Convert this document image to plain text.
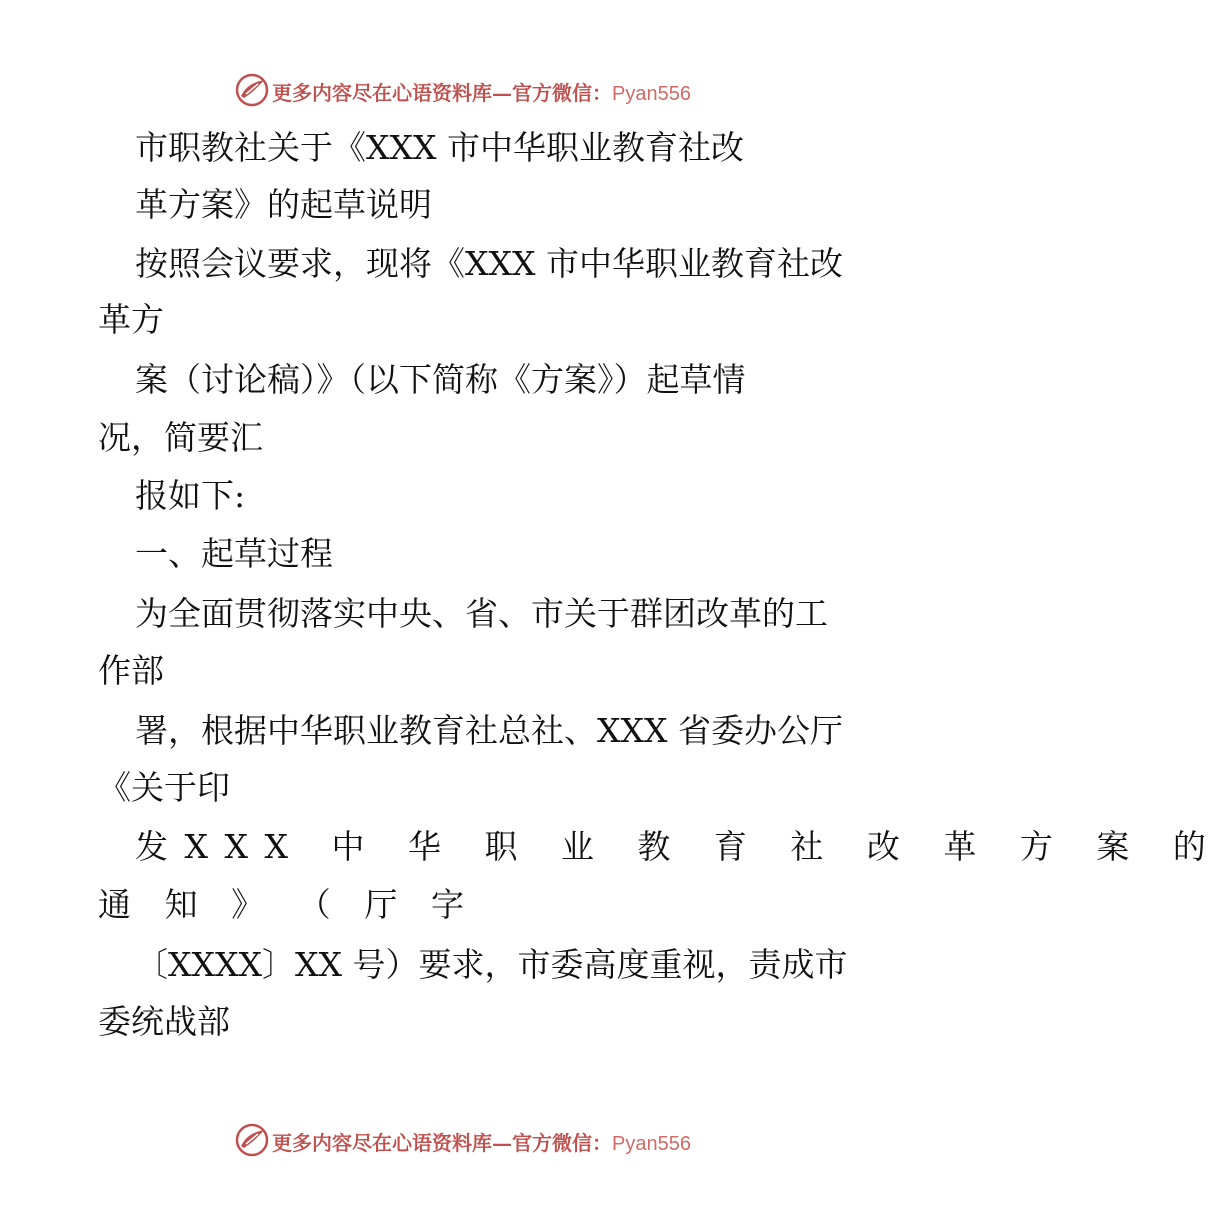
更多内容尽在心语资料库—官方微信：Pyan556
市职教社关于《XXX 市中华职业教育社改
革方案》的起草说明
按照会议要求，现将《XXX 市中华职业教育社改
革方
案（讨论稿）》（以下简称《方案》）起草情
况，简要汇
报如下:
一、起草过程
为全面贯彻落实中央、省、市关于群团改革的工
作部
署，根据中华职业教育社总社、XXX 省委办公厅
《关于印
发XXX 中 华 职 业 教 育 社 改 革 方 案 的
通 知 》 （ 厅 字
〔XXXX〕XX 号）要求，市委高度重视，责成市
委统战部
更多内容尽在心语资料库—官方微信：Pyan556
